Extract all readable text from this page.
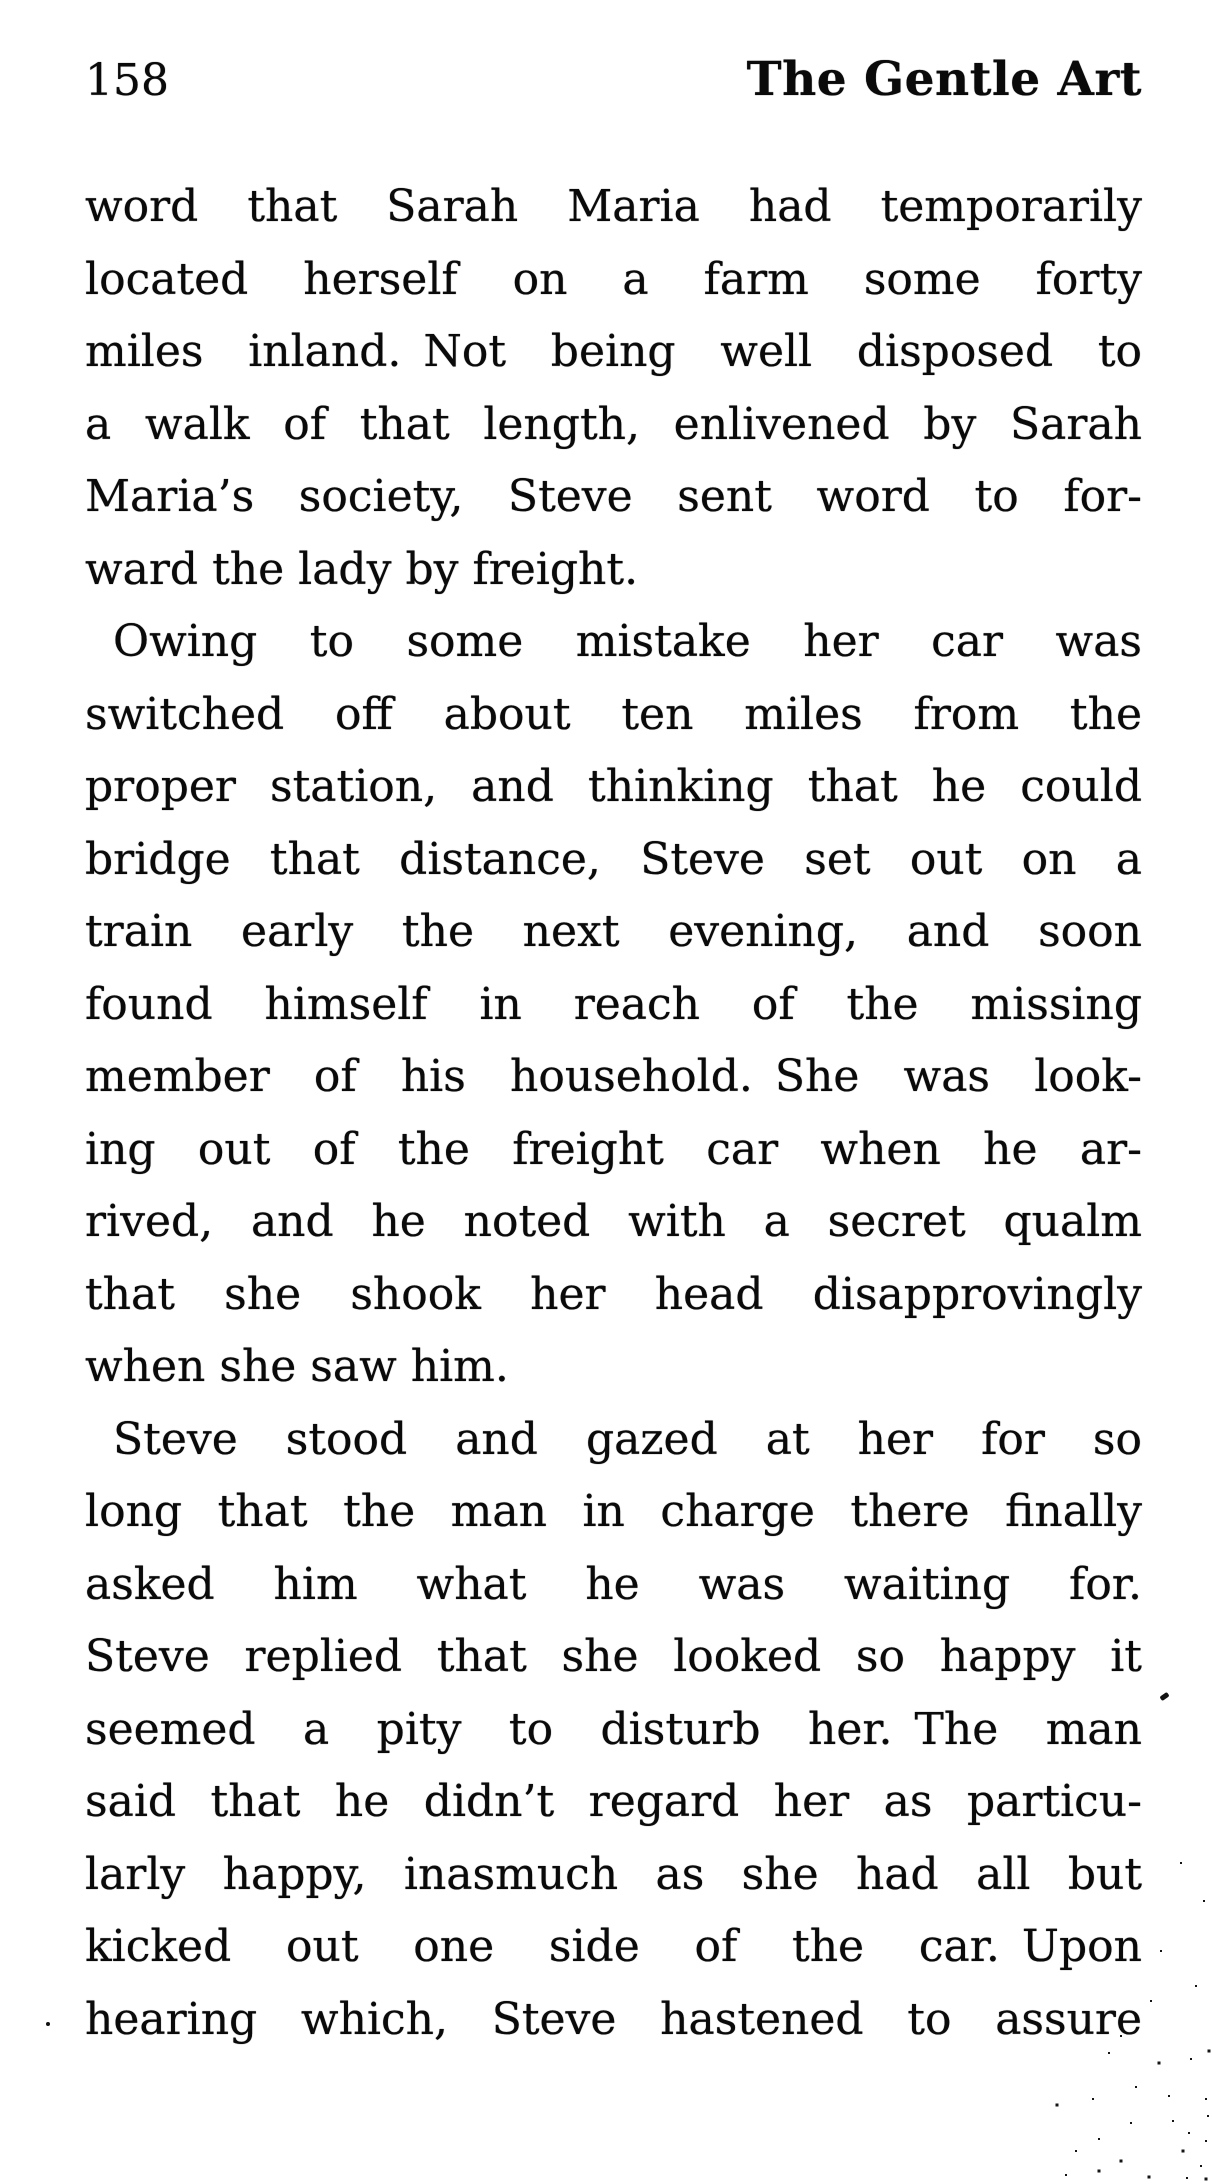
158	The Gentle Art
word that Sarah Maria had temporarily
located herself on a farm some forty
miles inland. Not being well disposed to
a walk of that length, enlivened by Sarah
Maria’s society, Steve sent word to for-
ward the lady by freight.
Owing to some mistake her car was
switched off about ten miles from the
proper station, and thinking that he could
bridge that distance, Steve set out on a
train early the next evening, and soon
found himself in reach of the missing
member of his household. She was look-
ing out of the freight car when he ar-
rived, and he noted with a secret qualm
that she shook her head disapprovingly
when she saw him.
Steve stood and gazed at her for so
long that the man in charge there finally
asked him what he was waiting for.
Steve replied that she looked so happy it
seemed a pity to disturb her. The man
said that he didn’t regard her as particu-
larly happy, inasmuch as she had all but
kicked out one side of the car. Upon
hearing which, Steve hastened to assure
